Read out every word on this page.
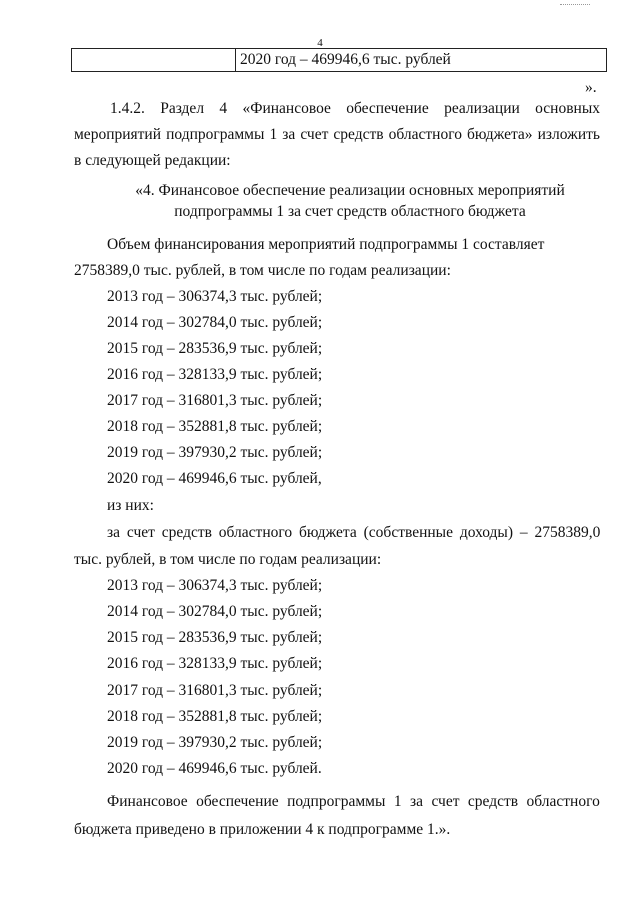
4
	2020 год – 469946,6 тыс. рублей
».

1.4.2. Раздел 4 «Финансовое обеспечение реализации основных мероприятий подпрограммы 1 за счет средств областного бюджета» изложить в следующей редакции:

«4. Финансовое обеспечение реализации основных мероприятий
подпрограммы 1 за счет средств областного бюджета
Объем финансирования мероприятий подпрограммы 1 составляет
2758389,0 тыс. рублей, в том числе по годам реализации:
2013 год – 306374,3 тыс. рублей;
2014 год – 302784,0 тыс. рублей;
2015 год – 283536,9 тыс. рублей;
2016 год – 328133,9 тыс. рублей;
2017 год – 316801,3 тыс. рублей;
2018 год – 352881,8 тыс. рублей;
2019 год – 397930,2 тыс. рублей;
2020 год – 469946,6 тыс. рублей,
из них:
за счет средств областного бюджета (собственные доходы) – 2758389,0
тыс. рублей, в том числе по годам реализации:
2013 год – 306374,3 тыс. рублей;
2014 год – 302784,0 тыс. рублей;
2015 год – 283536,9 тыс. рублей;
2016 год – 328133,9 тыс. рублей;
2017 год – 316801,3 тыс. рублей;
2018 год – 352881,8 тыс. рублей;
2019 год – 397930,2 тыс. рублей;
2020 год – 469946,6 тыс. рублей.
Финансовое обеспечение подпрограммы 1 за счет средств областного
бюджета приведено в приложении 4 к подпрограмме 1.».
